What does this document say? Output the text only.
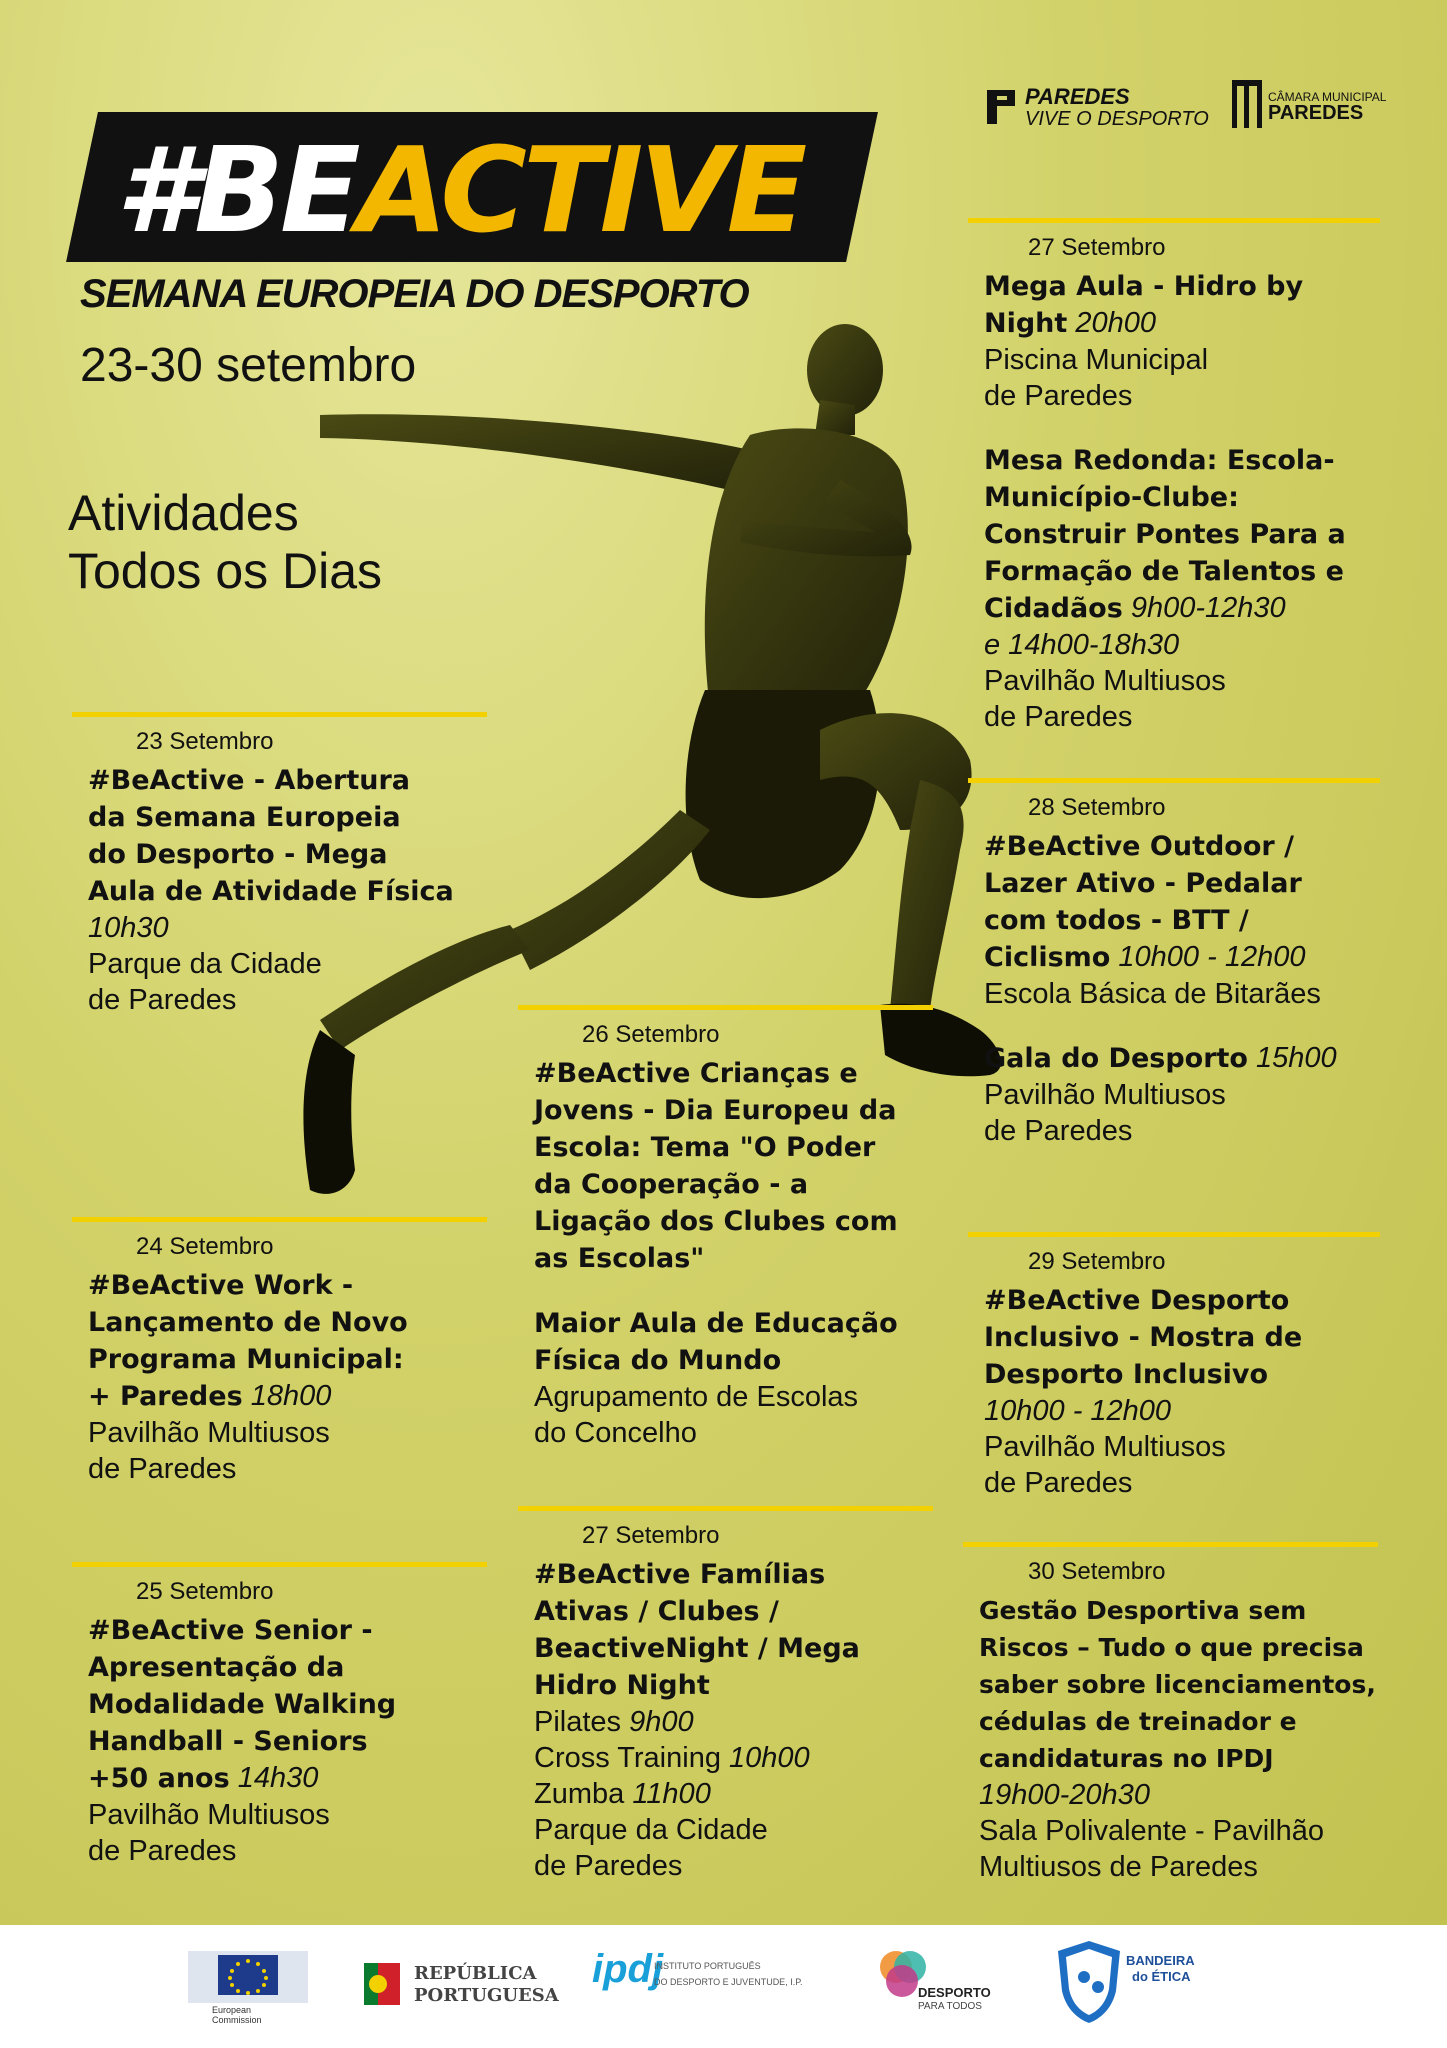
#BEACTIVE
SEMANA EUROPEIA DO DESPORTO
23-30 setembro
Atividades
Todos os Dias
PAREDES
VIVE O DESPORTO
CÂMARA MUNICIPAL
PAREDES
23 Setembro
#BeActive - Abertura
da Semana Europeia
do Desporto - Mega
Aula de Atividade Física
10h30
Parque da Cidade
de Paredes
24 Setembro
#BeActive Work -
Lançamento de Novo
Programa Municipal:
+ Paredes 18h00
Pavilhão Multiusos
de Paredes
25 Setembro
#BeActive Senior -
Apresentação da
Modalidade Walking
Handball - Seniors
+50 anos 14h30
Pavilhão Multiusos
de Paredes
26 Setembro
#BeActive Crianças e
Jovens - Dia Europeu da
Escola: Tema "O Poder
da Cooperação - a
Ligação dos Clubes com
as Escolas"
Maior Aula de Educação
Física do Mundo
Agrupamento de Escolas
do Concelho
27 Setembro
#BeActive Famílias
Ativas / Clubes /
BeactiveNight / Mega
Hidro Night
Pilates 9h00
Cross Training 10h00
Zumba 11h00
Parque da Cidade
de Paredes
27 Setembro
Mega Aula - Hidro by
Night 20h00
Piscina Municipal
de Paredes
Mesa Redonda: Escola-
Município-Clube:
Construir Pontes Para a
Formação de Talentos e
Cidadãos 9h00-12h30
e 14h00-18h30
Pavilhão Multiusos
de Paredes
28 Setembro
#BeActive Outdoor /
Lazer Ativo - Pedalar
com todos - BTT /
Ciclismo 10h00 - 12h00
Escola Básica de Bitarães
Gala do Desporto 15h00
Pavilhão Multiusos
de Paredes
29 Setembro
#BeActive Desporto
Inclusivo - Mostra de
Desporto Inclusivo
10h00 - 12h00
Pavilhão Multiusos
de Paredes
30 Setembro
Gestão Desportiva sem
Riscos – Tudo o que precisa
saber sobre licenciamentos,
cédulas de treinador e
candidaturas no IPDJ
19h00-20h30
Sala Polivalente - Pavilhão
Multiusos de Paredes
European
Commission
REPÚBLICA
PORTUGUESA
ipdj
INSTITUTO PORTUGUÊS
DO DESPORTO E JUVENTUDE, I.P.
DESPORTO
PARA TODOS
BANDEIRA
do ÉTICA
